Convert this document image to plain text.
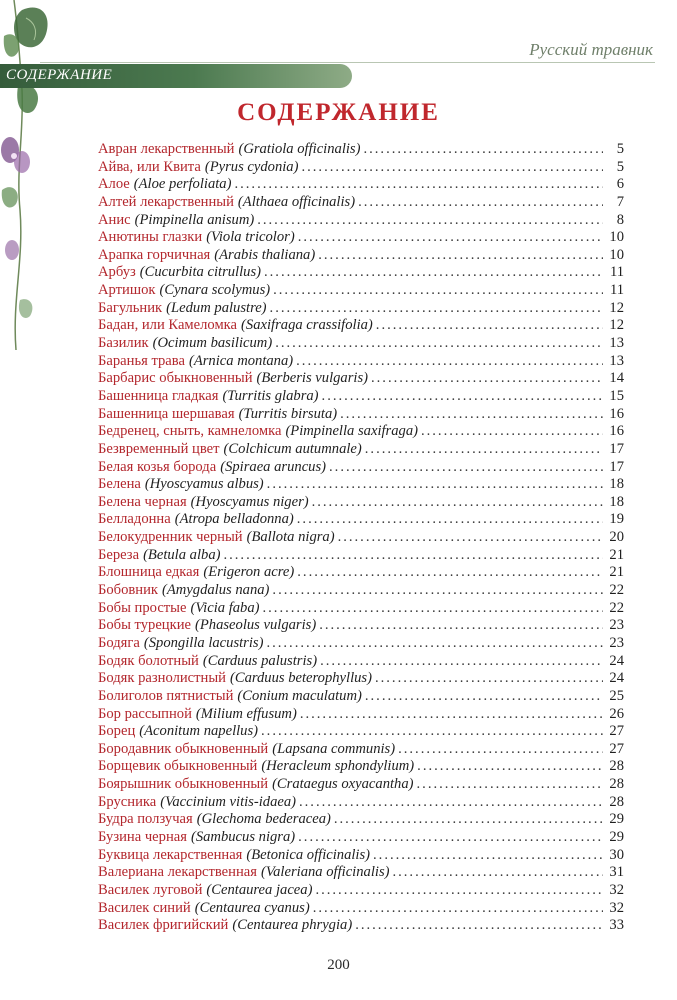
Русский травник
СОДЕРЖАНИЕ
СОДЕРЖАНИЕ
Авран лекарственный (Gratiola officinalis) .....	5
Айва, или Квита (Pyrus cydonia) .....	5
Алое (Aloe perfoliata) .....	6
Алтей лекарственный (Althaea officinalis) .....	7
Анис (Pimpinella anisum) .....	8
Анютины глазки (Viola tricolor) .....	10
Арапка горчичная (Arabis thaliana) .....	10
Арбуз (Cucurbita citrullus) .....	11
Артишок (Cynara scolymus) .....	11
Багульник (Ledum palustre) .....	12
Бадан, или Камеломка (Saxifraga crassifolia) .....	12
Базилик (Ocimum basilicum) .....	13
Баранья трава (Arnica montana) .....	13
Барбарис обыкновенный (Berberis vulgaris) .....	14
Башенница гладкая (Turritis glabra) .....	15
Башенница шершавая (Turritis birsuta) .....	16
Бедренец, сныть, камнеломка (Pimpinella saxifraga) .....	16
Безвременный цвет (Colchicum autumnale) .....	17
Белая козья борода (Spiraea aruncus) .....	17
Белена (Hyoscyamus albus) .....	18
Белена черная (Hyoscyamus niger) .....	18
Белладонна (Atropa belladonna) .....	19
Белокудренник черный (Ballota nigra) .....	20
Береза (Betula alba) .....	21
Блошница едкая (Erigeron acre) .....	21
Бобовник (Amygdalus nana) .....	22
Бобы простые (Vicia faba) .....	22
Бобы турецкие (Phaseolus vulgaris) .....	23
Бодяга (Spongilla lacustris) .....	23
Бодяк болотный (Carduus palustris) .....	24
Бодяк разнолистный (Carduus beterophyllus) .....	24
Болиголов пятнистый (Conium maculatum) .....	25
Бор рассыпной (Milium effusum) .....	26
Борец (Aconitum napellus) .....	27
Бородавник обыкновенный (Lapsana communis) .....	27
Борщевик обыкновенный (Heracleum sphondylium) .....	28
Боярышник обыкновенный (Crataegus oxyacantha) .....	28
Брусника (Vaccinium vitis-idaea) .....	28
Будра ползучая (Glechoma bederacea) .....	29
Бузина черная (Sambucus nigra) .....	29
Буквица лекарственная (Betonica officinalis) .....	30
Валериана лекарственная (Valeriana officinalis) .....	31
Василек луговой (Centaurea jacea) .....	32
Василек синий (Centaurea cyanus) .....	32
Василек фригийский (Centaurea phrygia) .....	33
200
